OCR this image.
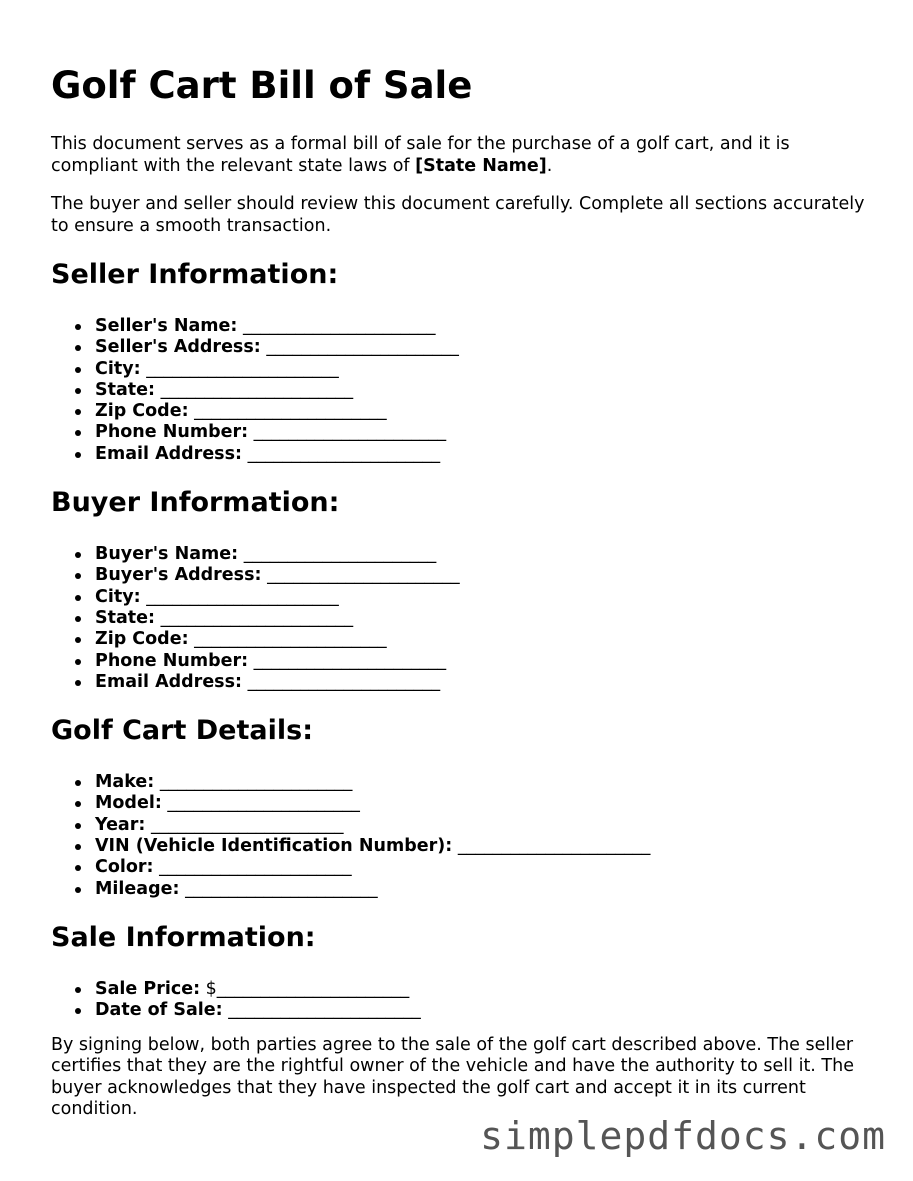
Golf Cart Bill of Sale

This document serves as a formal bill of sale for the purchase of a golf cart, and it is compliant with the relevant state laws of [State Name].

The buyer and seller should review this document carefully. Complete all sections accurately to ensure a smooth transaction.

Seller Information:
Seller's Name: ______________________
Seller's Address: ______________________
City: ______________________
State: ______________________
Zip Code: ______________________
Phone Number: ______________________
Email Address: ______________________
Buyer Information:
Buyer's Name: ______________________
Buyer's Address: ______________________
City: ______________________
State: ______________________
Zip Code: ______________________
Phone Number: ______________________
Email Address: ______________________
Golf Cart Details:
Make: ______________________
Model: ______________________
Year: ______________________
VIN (Vehicle Identification Number): ______________________
Color: ______________________
Mileage: ______________________
Sale Information:
Sale Price: $______________________
Date of Sale: ______________________

By signing below, both parties agree to the sale of the golf cart described above. The seller certifies that they are the rightful owner of the vehicle and have the authority to sell it. The buyer acknowledges that they have inspected the golf cart and accept it in its current condition.

simplepdfdocs.com
